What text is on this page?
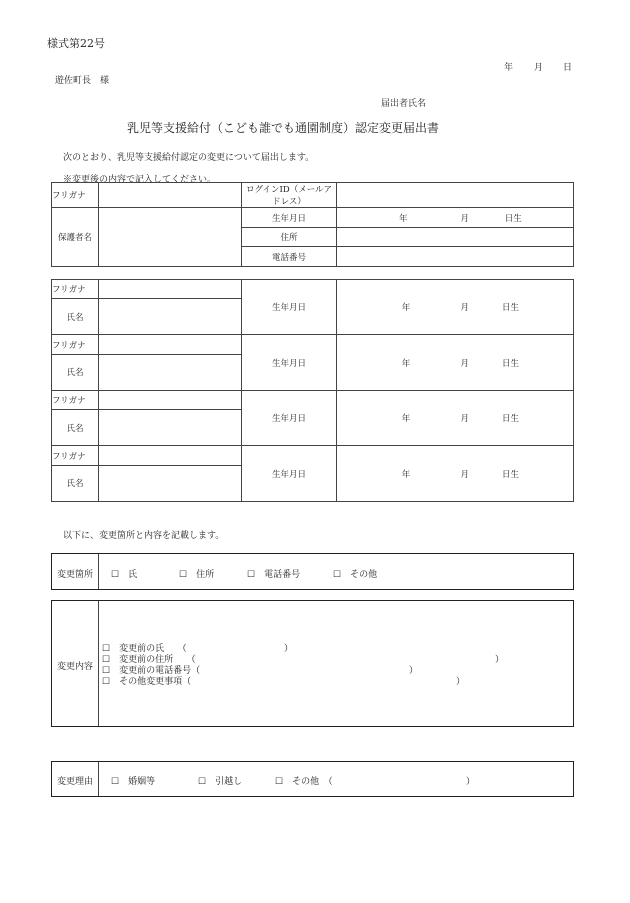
様式第22号
年 月 日
遊佐町長　様
届出者氏名
乳児等支援給付（こども誰でも通園制度）認定変更届出書
次のとおり、乳児等支援給付認定の変更について届出します。
※変更後の内容で記入してください。
フリガナ		ログインID（メールアドレス）	
保護者名		生年月日	年 月 日生
		住所	
		電話番号	
フリガナ		生年月日	年 月 日生
氏名			
フリガナ		生年月日	年 月 日生
氏名			
フリガナ		生年月日	年 月 日生
氏名			
フリガナ		生年月日	年 月 日生
氏名			
以下に、変更箇所と内容を記載します。
変更箇所 ☐　氏	☐　住所	☐　電話番号	☐　その他
変更内容
☐　変更前の氏　　（	）
☐　変更前の住所　　（	）
☐　変更前の電話番号（	）
☐　その他変更事項（	）
変更理由 ☐　婚姻等	☐　引越し	☐　その他　（	）
